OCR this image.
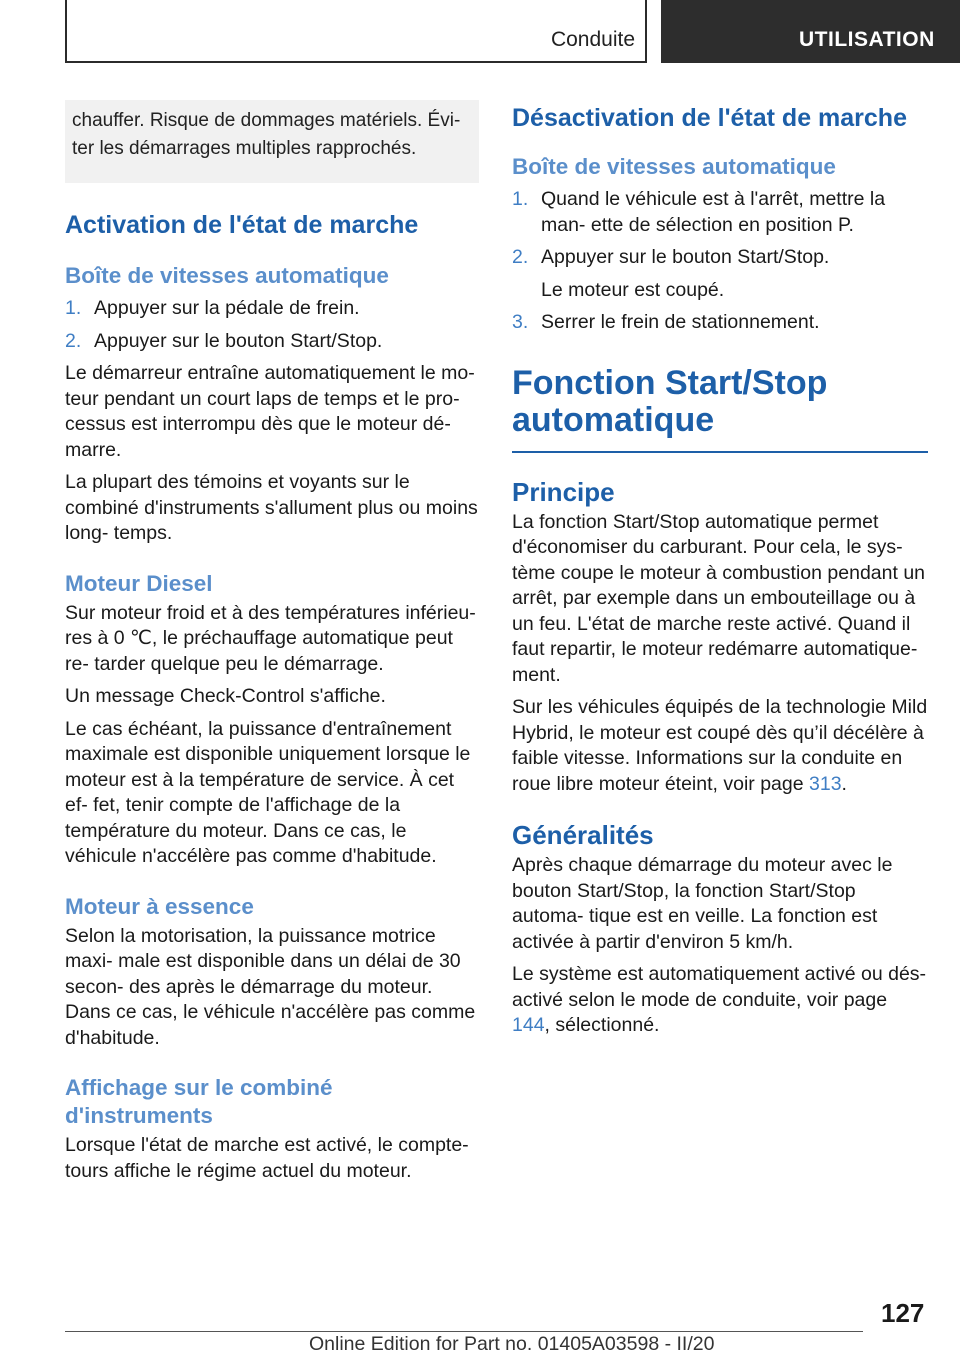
Conduite	UTILISATION
chauffer. Risque de dommages matériels. Évi- ter les démarrages multiples rapprochés.
Activation de l'état de marche
Boîte de vitesses automatique
1. Appuyer sur la pédale de frein.
2. Appuyer sur le bouton Start/Stop.

Le démarreur entraîne automatiquement le mo- teur pendant un court laps de temps et le pro- cessus est interrompu dès que le moteur dé- marre.

La plupart des témoins et voyants sur le combiné d'instruments s'allument plus ou moins long- temps.

Moteur Diesel

Sur moteur froid et à des températures inférieu- res à 0 ℃, le préchauffage automatique peut re- tarder quelque peu le démarrage.

Un message Check-Control s'affiche.

Le cas échéant, la puissance d'entraînement maximale est disponible uniquement lorsque le moteur est à la température de service. À cet ef- fet, tenir compte de l'affichage de la température du moteur. Dans ce cas, le véhicule n'accélère pas comme d'habitude.

Moteur à essence

Selon la motorisation, la puissance motrice maxi- male est disponible dans un délai de 30 secon- des après le démarrage du moteur. Dans ce cas, le véhicule n'accélère pas comme d'habitude.

Affichage sur le combiné d'instruments

Lorsque l'état de marche est activé, le compte- tours affiche le régime actuel du moteur.

Désactivation de l'état de marche
Boîte de vitesses automatique
1. Quand le véhicule est à l'arrêt, mettre la man- ette de sélection en position P.
2. Appuyer sur le bouton Start/Stop.

Le moteur est coupé.

3. Serrer le frein de stationnement.
Fonction Start/Stop automatique
Principe

La fonction Start/Stop automatique permet d'économiser du carburant. Pour cela, le sys- tème coupe le moteur à combustion pendant un arrêt, par exemple dans un embouteillage ou à un feu. L'état de marche reste activé. Quand il faut repartir, le moteur redémarre automatique- ment.

Sur les véhicules équipés de la technologie Mild Hybrid, le moteur est coupé dès qu’il décélère à faible vitesse. Informations sur la conduite en roue libre moteur éteint, voir page 313.

Généralités

Après chaque démarrage du moteur avec le bouton Start/Stop, la fonction Start/Stop automa- tique est en veille. La fonction est activée à partir d'environ 5 km/h.

Le système est automatiquement activé ou dés- activé selon le mode de conduite, voir page 144, sélectionné.

127
Online Edition for Part no. 01405A03598 - II/20
